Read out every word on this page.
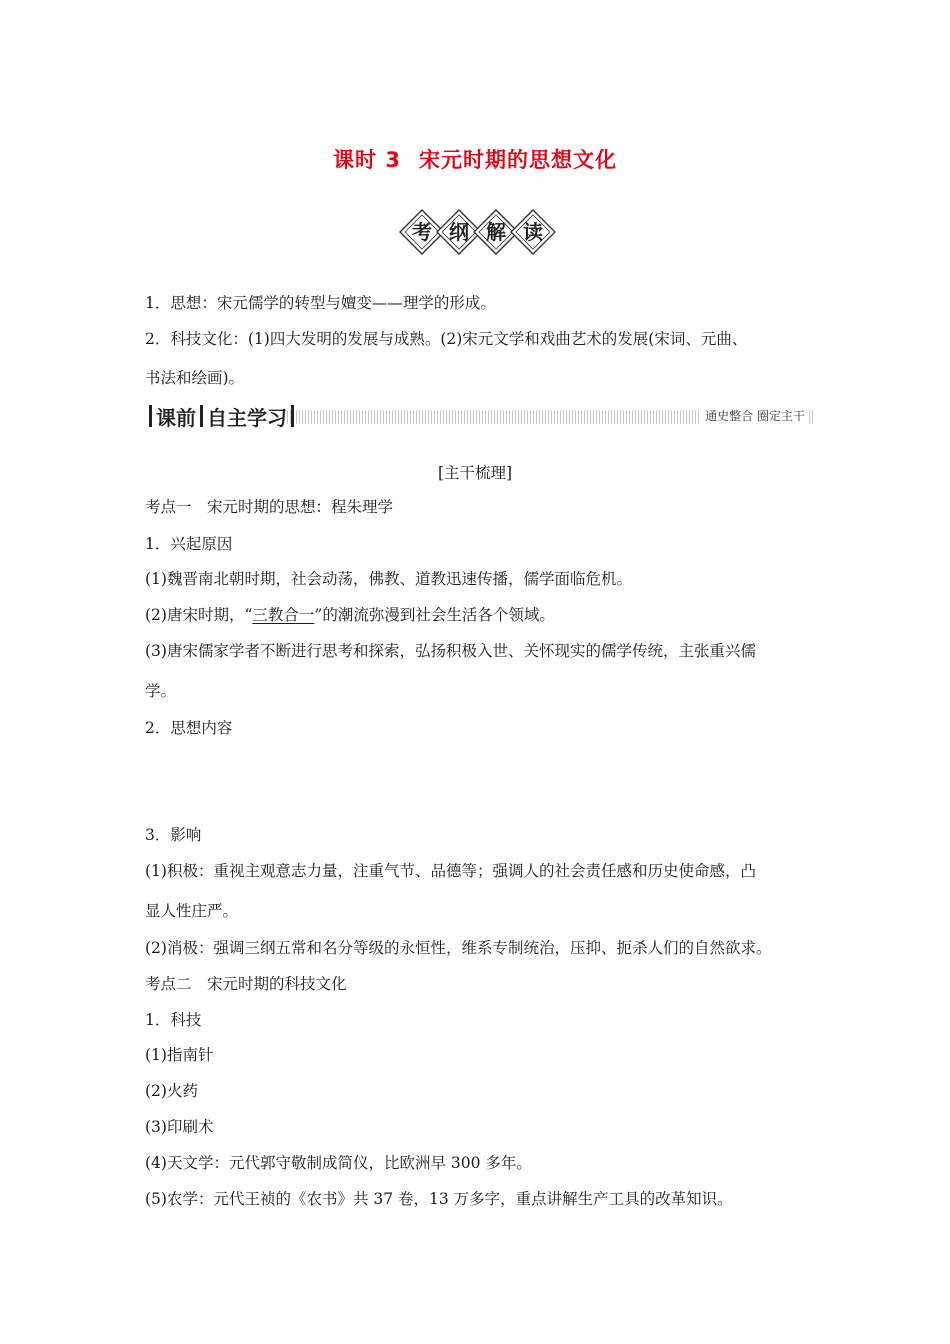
课时 3 宋元时期的思想文化
考 纲 解 读
1．思想：宋元儒学的转型与嬗变——理学的形成。
2．科技文化：(1)四大发明的发展与成熟。(2)宋元文学和戏曲艺术的发展(宋词、元曲、
书法和绘画)。
课前 自主学习	通史整合 圈定主干
[主干梳理]
考点一　宋元时期的思想：程朱理学
1．兴起原因
(1)魏晋南北朝时期，社会动荡，佛教、道教迅速传播，儒学面临危机。
(2)唐宋时期，“三教合一”的潮流弥漫到社会生活各个领域。
(3)唐宋儒家学者不断进行思考和探索，弘扬积极入世、关怀现实的儒学传统，主张重兴儒
学。
2．思想内容
3．影响
(1)积极：重视主观意志力量，注重气节、品德等；强调人的社会责任感和历史使命感，凸
显人性庄严。
(2)消极：强调三纲五常和名分等级的永恒性，维系专制统治，压抑、扼杀人们的自然欲求。
考点二　宋元时期的科技文化
1．科技
(1)指南针
(2)火药
(3)印刷术
(4)天文学：元代郭守敬制成简仪，比欧洲早 300 多年。
(5)农学：元代王祯的《农书》共 37 卷，13 万多字，重点讲解生产工具的改革知识。
